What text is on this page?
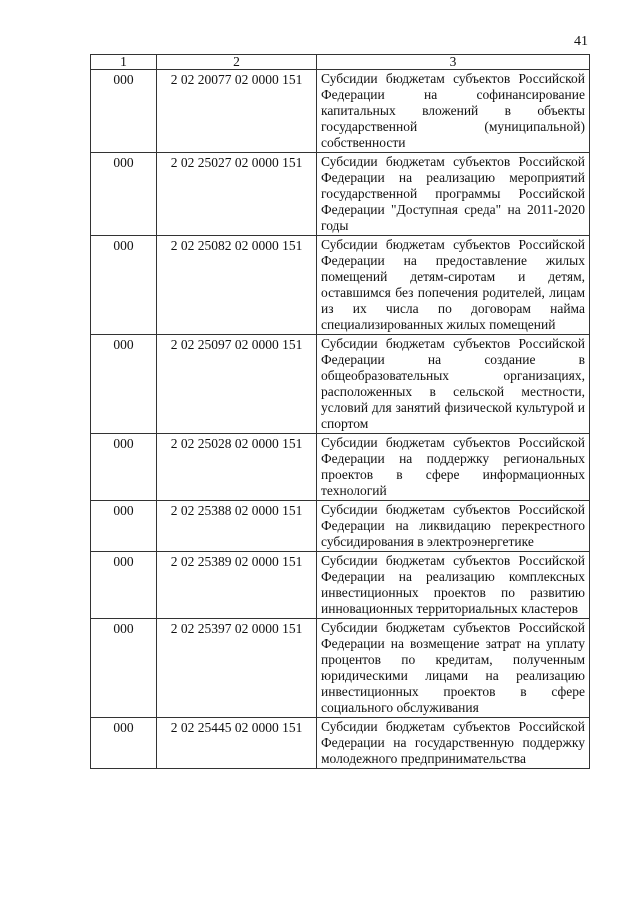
41
1	2	3
000	2 02 20077 02 0000 151	Субсидии бюджетам субъектов Российской Федерации на софинансирование капитальных вложений в объекты государственной (муниципальной) собственности
000	2 02 25027 02 0000 151	Субсидии бюджетам субъектов Российской Федерации на реализацию мероприятий государственной программы Российской Федерации "Доступная среда" на 2011-2020 годы
000	2 02 25082 02 0000 151	Субсидии бюджетам субъектов Российской Федерации на предоставление жилых помещений детям-сиротам и детям, оставшимся без попечения родителей, лицам из их числа по договорам найма специализированных жилых помещений
000	2 02 25097 02 0000 151	Субсидии бюджетам субъектов Российской Федерации на создание в общеобразовательных организациях, расположенных в сельской местности, условий для занятий физической культурой и спортом
000	2 02 25028 02 0000 151	Субсидии бюджетам субъектов Российской Федерации на поддержку региональных проектов в сфере информационных технологий
000	2 02 25388 02 0000 151	Субсидии бюджетам субъектов Российской Федерации на ликвидацию перекрестного субсидирования в электроэнергетике
000	2 02 25389 02 0000 151	Субсидии бюджетам субъектов Российской Федерации на реализацию комплексных инвестиционных проектов по развитию инновационных территориальных кластеров
000	2 02 25397 02 0000 151	Субсидии бюджетам субъектов Российской Федерации на возмещение затрат на уплату процентов по кредитам, полученным юридическими лицами на реализацию инвестиционных проектов в сфере социального обслуживания
000	2 02 25445 02 0000 151	Субсидии бюджетам субъектов Российской Федерации на государственную поддержку молодежного предпринимательства
